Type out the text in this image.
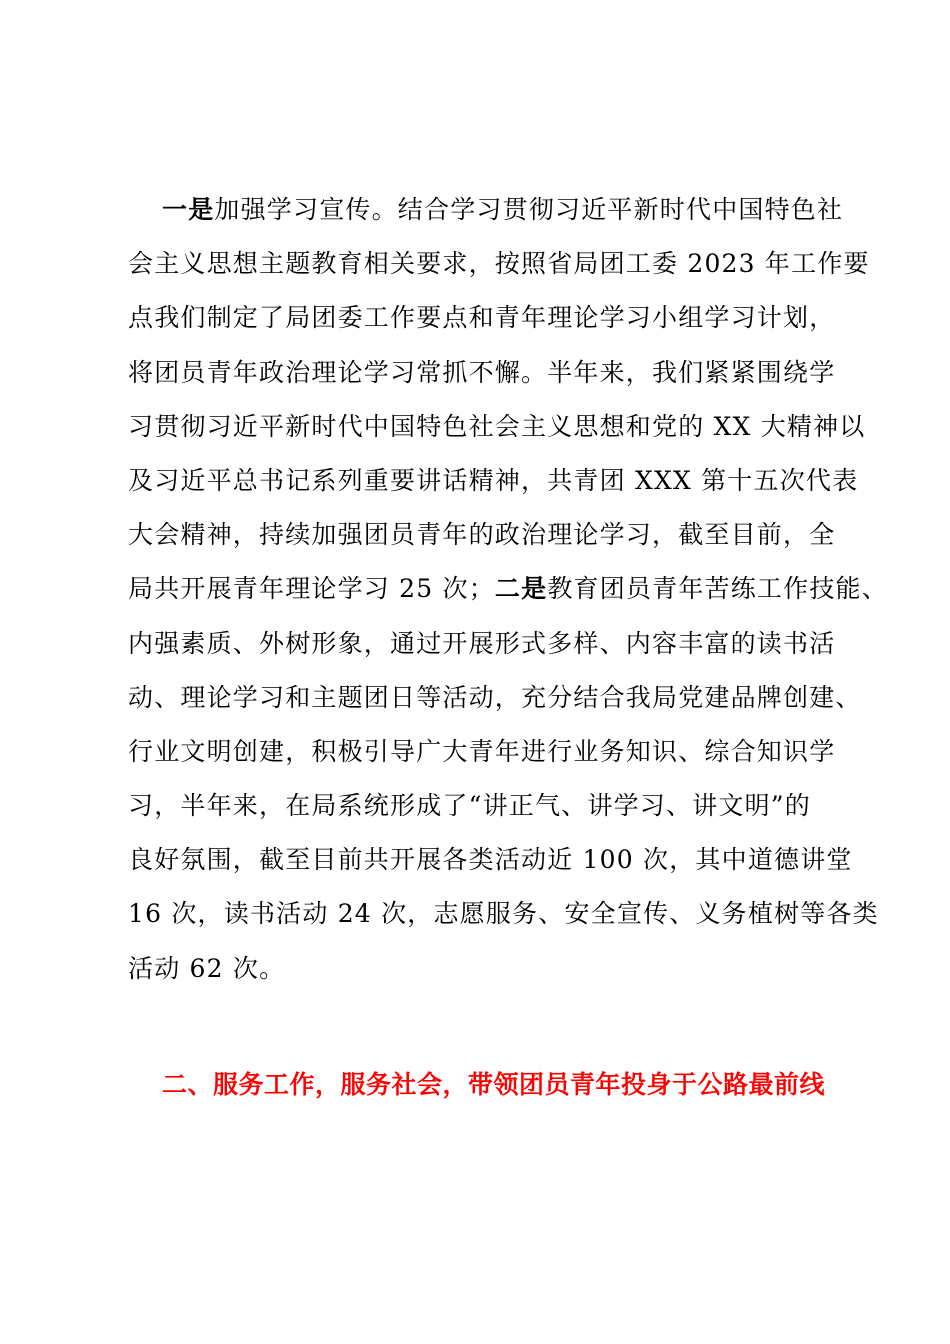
一是加强学习宣传。结合学习贯彻习近平新时代中国特色社
会主义思想主题教育相关要求，按照省局团工委 2023 年工作要
点我们制定了局团委工作要点和青年理论学习小组学习计划，
将团员青年政治理论学习常抓不懈。半年来，我们紧紧围绕学
习贯彻习近平新时代中国特色社会主义思想和党的 XX 大精神以
及习近平总书记系列重要讲话精神，共青团 XXX 第十五次代表
大会精神，持续加强团员青年的政治理论学习，截至目前，全
局共开展青年理论学习 25 次；二是教育团员青年苦练工作技能、
内强素质、外树形象，通过开展形式多样、内容丰富的读书活
动、理论学习和主题团日等活动，充分结合我局党建品牌创建、
行业文明创建，积极引导广大青年进行业务知识、综合知识学
习，半年来，在局系统形成了“讲正气、讲学习、讲文明”的
良好氛围，截至目前共开展各类活动近 100 次，其中道德讲堂
16 次，读书活动 24 次，志愿服务、安全宣传、义务植树等各类
活动 62 次。
二、服务工作，服务社会，带领团员青年投身于公路最前线
